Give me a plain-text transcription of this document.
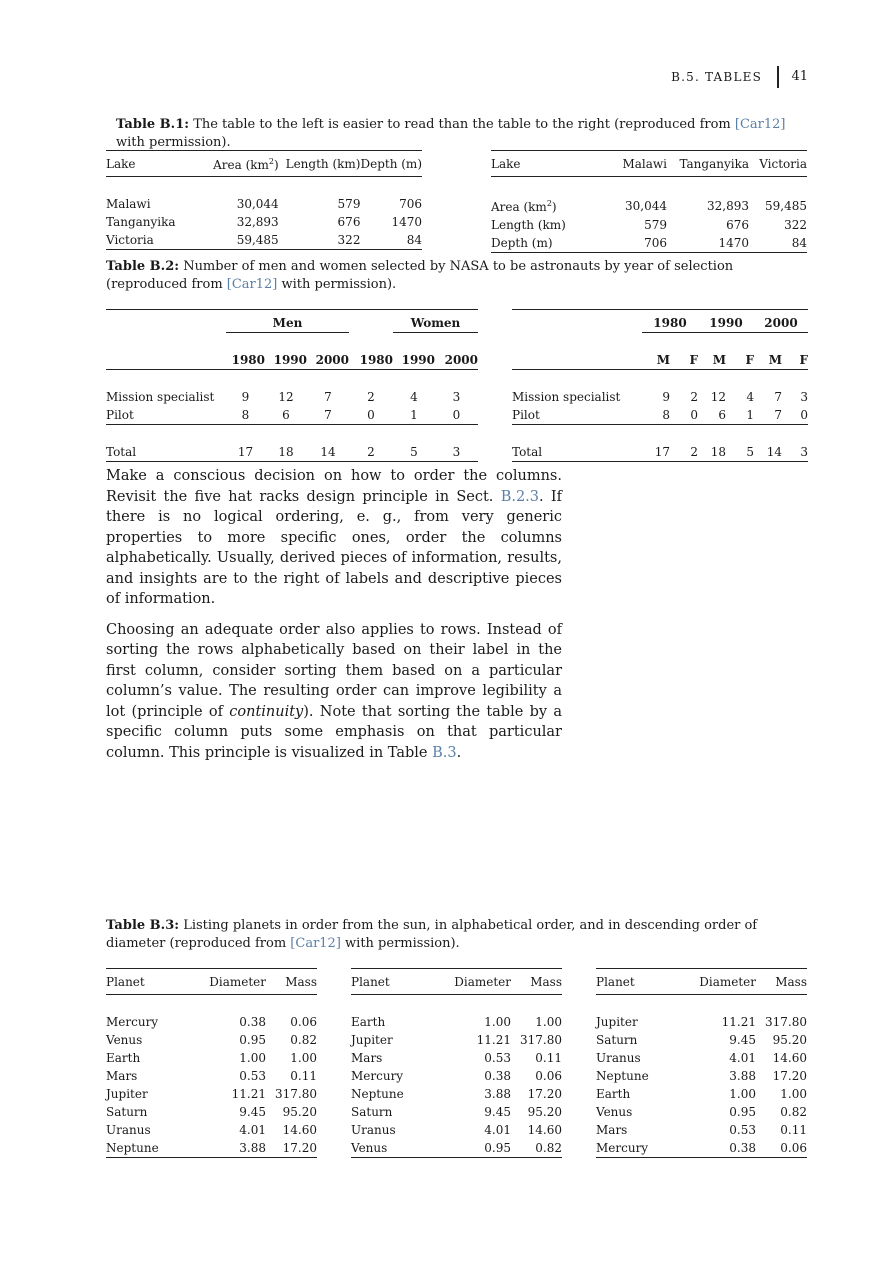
B.5. TABLES 41
Table B.1: The table to the left is easier to read than the table to the right (reproduced from [Car12] with permission).
Lake	Area $(km^2)$	Length (km)	Depth (m)

Malawi	30,044	579	706
Tanganyika	32,893	676	1470
Victoria	59,485	322	84
Lake	Malawi	Tanganyika	Victoria

Area $(km^2)$	30,044	32,893	59,485
Length (km)	579	676	322
Depth (m)	706	1470	84
Table B.2: Number of men and women selected by NASA to be astronauts by year of selection (reproduced from [Car12] with permission).
	Men				Women	

	1980	1990	2000	1980	1990	2000

Mission specialist	9	12	7	2	4	3
Pilot	8	6	7	0	1	0

Total	17	18	14	2	5	3
	1980		1990		2000	

	M	F	M	F	M	F

Mission specialist	9	2	12	4	7	3
Pilot	8	0	6	1	7	0

Total	17	2	18	5	14	3

Make a conscious decision on how to order the columns. Revisit the five hat racks design principle in Sect. B.2.3. If there is no logical ordering, e. g., from very generic properties to more specific ones, order the columns alphabetically. Usually, derived pieces of information, results, and insights are to the right of labels and descriptive pieces of information.

Choosing an adequate order also applies to rows. Instead of sorting the rows alphabetically based on their label in the first column, consider sorting them based on a particular column’s value. The resulting order can improve legibility a lot (principle of continuity). Note that sorting the table by a specific column puts some emphasis on that particular column. This principle is visualized in Table B.3.

Table B.3: Listing planets in order from the sun, in alphabetical order, and in descending order of diameter (reproduced from [Car12] with permission).
Planet	Diameter	Mass

Mercury	0.38	0.06
Venus	0.95	0.82
Earth	1.00	1.00
Mars	0.53	0.11
Jupiter	11.21	317.80
Saturn	9.45	95.20
Uranus	4.01	14.60
Neptune	3.88	17.20
Planet	Diameter	Mass

Earth	1.00	1.00
Jupiter	11.21	317.80
Mars	0.53	0.11
Mercury	0.38	0.06
Neptune	3.88	17.20
Saturn	9.45	95.20
Uranus	4.01	14.60
Venus	0.95	0.82
Planet	Diameter	Mass

Jupiter	11.21	317.80
Saturn	9.45	95.20
Uranus	4.01	14.60
Neptune	3.88	17.20
Earth	1.00	1.00
Venus	0.95	0.82
Mars	0.53	0.11
Mercury	0.38	0.06
